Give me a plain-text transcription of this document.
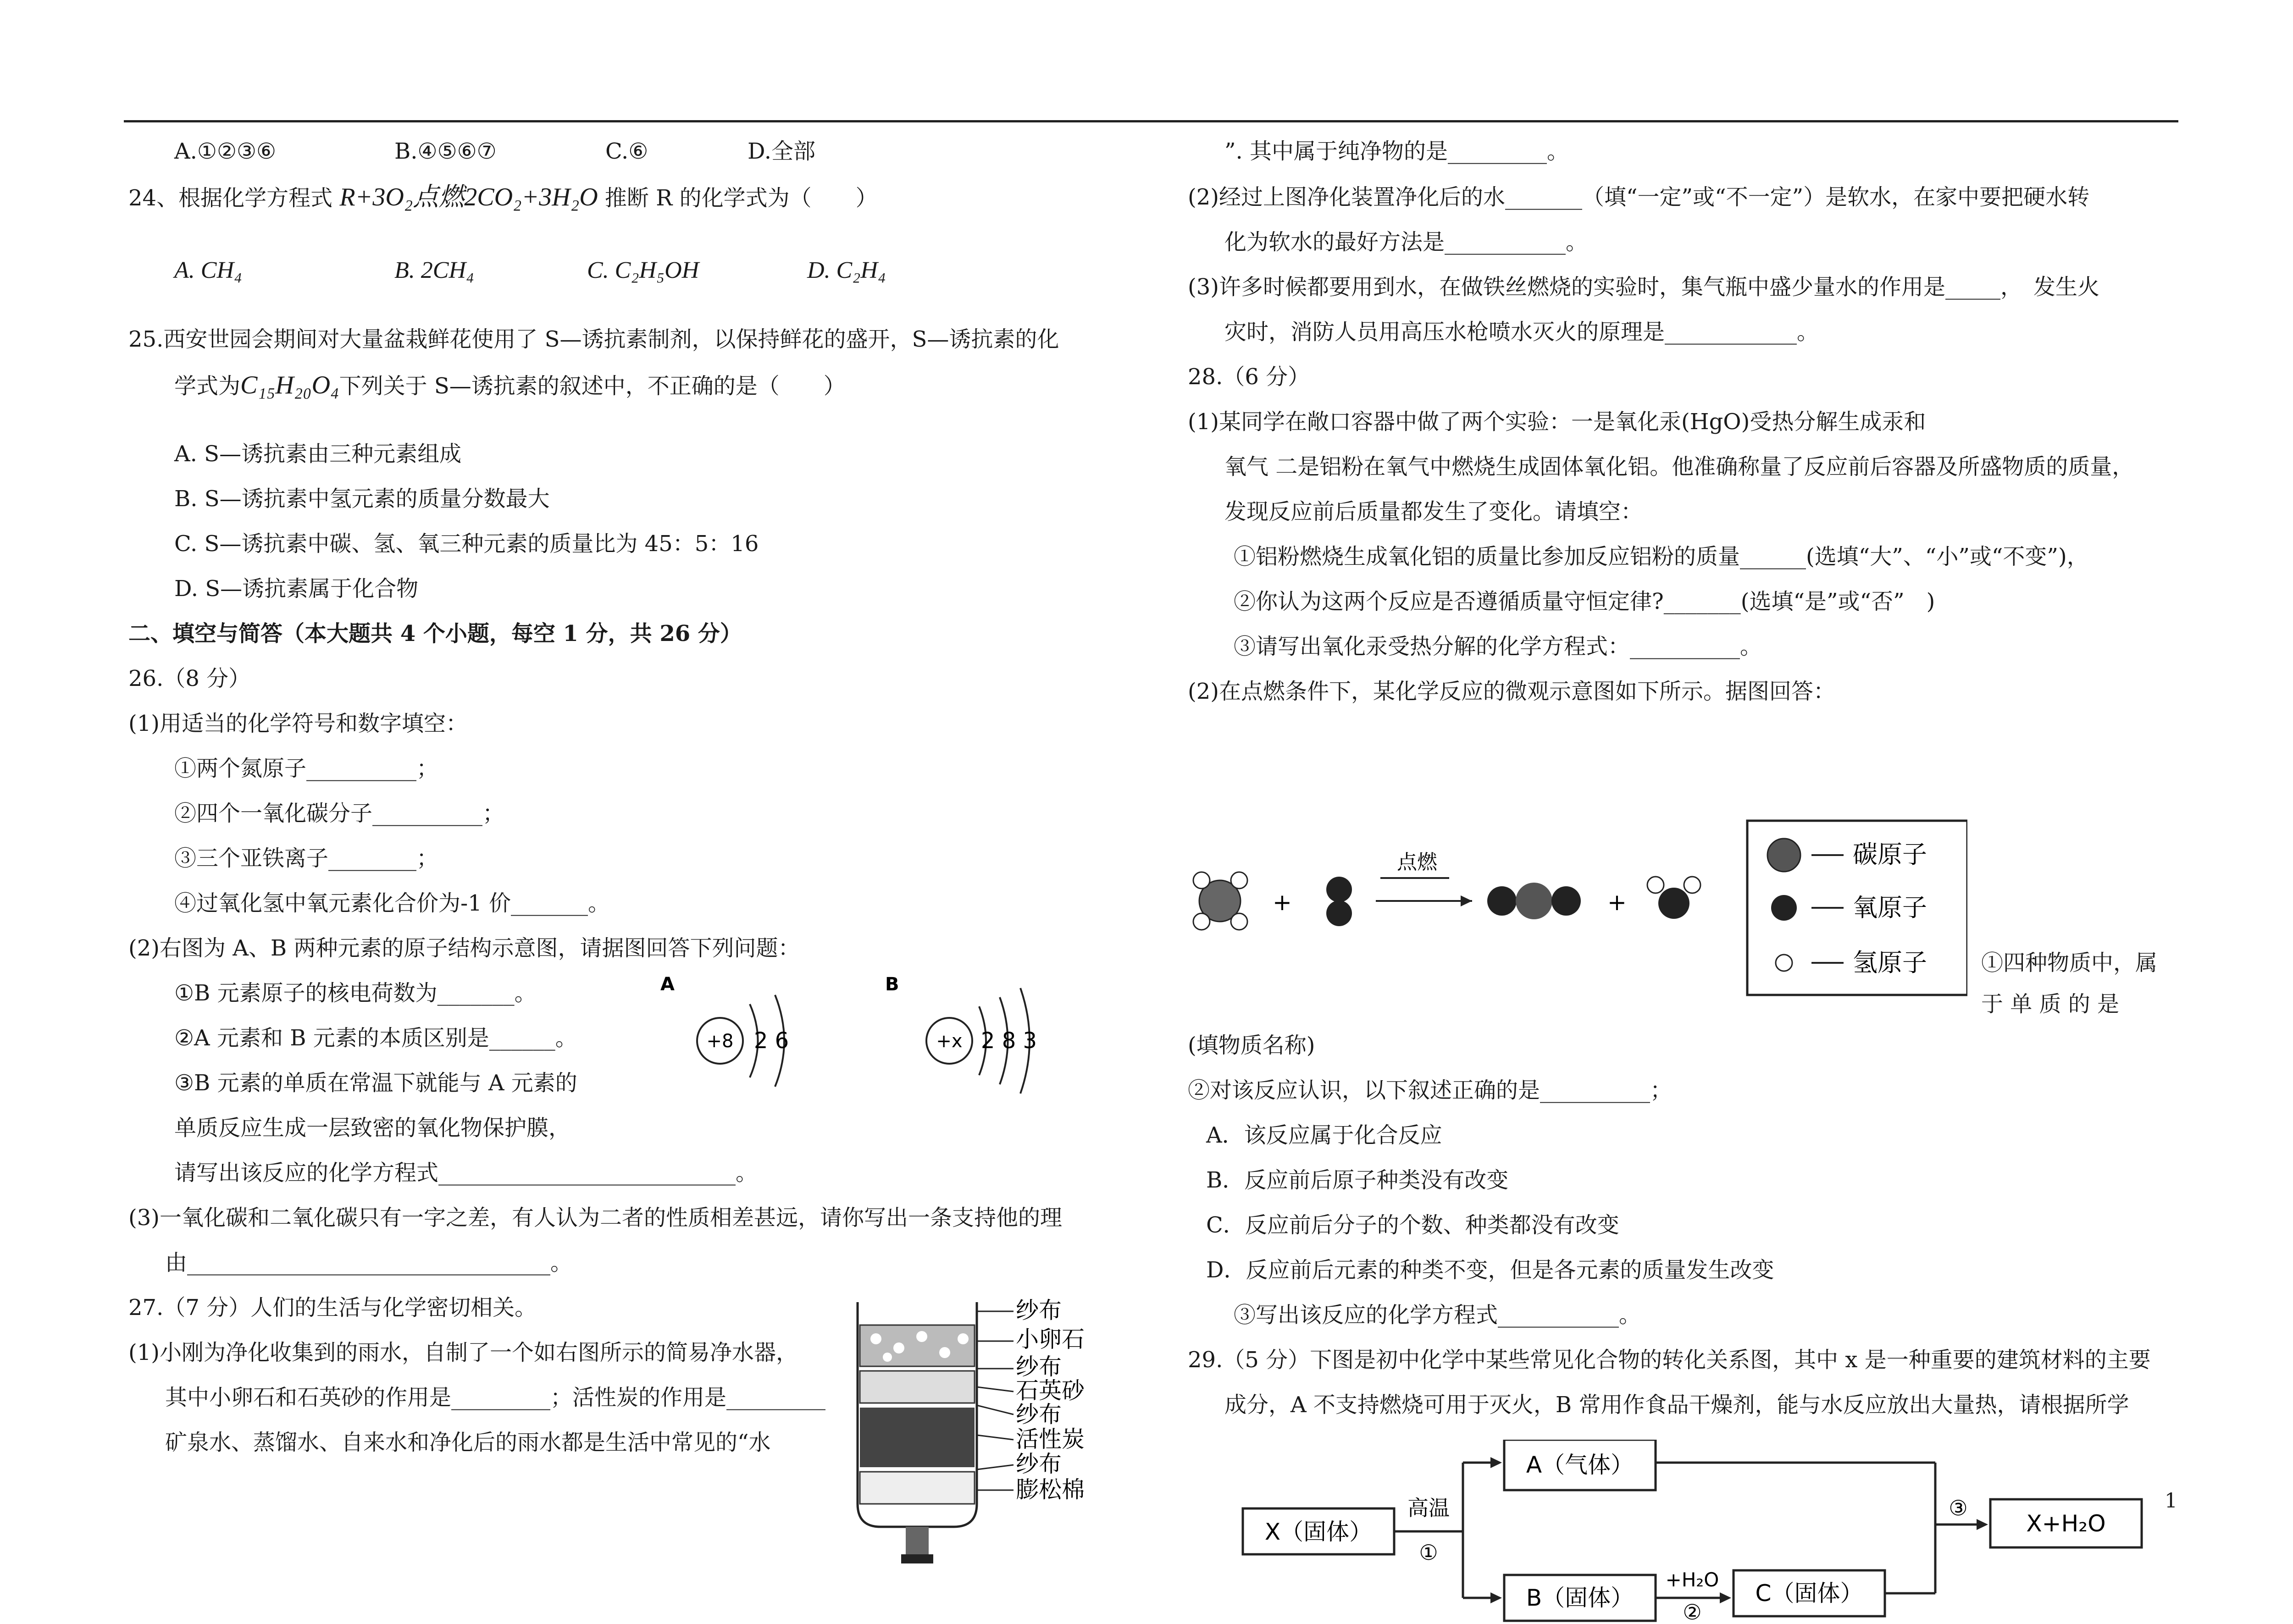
A.①②③⑥	B.④⑤⑥⑦	C.⑥	D.全部
24、根据化学方程式 R+3O₂点燃2CO₂+3H₂O 推断 R 的化学式为（　　）
A. CH₄	B. 2CH₄	C. C₂H₅OH	D. C₂H₄
25.西安世园会期间对大量盆栽鲜花使用了 S—诱抗素制剂，以保持鲜花的盛开，S—诱抗素的化
学式为C₁₅H₂₀O₄下列关于 S—诱抗素的叙述中，不正确的是（　　）
A. S—诱抗素由三种元素组成
B. S—诱抗素中氢元素的质量分数最大
C. S—诱抗素中碳、氢、氧三种元素的质量比为 45：5：16
D. S—诱抗素属于化合物
二、填空与简答（本大题共 4 个小题，每空 1 分，共 26 分）
26.（8 分）
(1)用适当的化学符号和数字填空：
①两个氮原子__________；
②四个一氧化碳分子__________；
③三个亚铁离子________；
④过氧化氢中氧元素化合价为-1 价_______。
(2)右图为 A、B 两种元素的原子结构示意图，请据图回答下列问题：
①B 元素原子的核电荷数为_______。
②A 元素和 B 元素的本质区别是______。
③B 元素的单质在常温下就能与 A 元素的
单质反应生成一层致密的氧化物保护膜，
请写出该反应的化学方程式___________________________。
A
+8 2 6
B
+x 2 8 3
(3)一氧化碳和二氧化碳只有一字之差，有人认为二者的性质相差甚远，请你写出一条支持他的理
由_________________________________。
27.（7 分）人们的生活与化学密切相关。
(1)小刚为净化收集到的雨水，自制了一个如右图所示的简易净水器，
其中小卵石和石英砂的作用是_________；活性炭的作用是_________
矿泉水、蒸馏水、自来水和净化后的雨水都是生活中常见的“水
纱布
小卵石
纱布
石英砂
纱布
活性炭
纱布
膨松棉
”. 其中属于纯净物的是_________。
(2)经过上图净化装置净化后的水_______（填“一定”或“不一定”）是软水，在家中要把硬水转
化为软水的最好方法是___________。
(3)许多时候都要用到水，在做铁丝燃烧的实验时，集气瓶中盛少量水的作用是_____，　发生火
灾时，消防人员用高压水枪喷水灭火的原理是____________。
28.（6 分）
(1)某同学在敞口容器中做了两个实验：一是氧化汞(HgO)受热分解生成汞和
氧气 二是铝粉在氧气中燃烧生成固体氧化铝。他准确称量了反应前后容器及所盛物质的质量，
发现反应前后质量都发生了变化。请填空：
①铝粉燃烧生成氧化铝的质量比参加反应铝粉的质量______(选填“大”、“小”或“不变”)，
②你认为这两个反应是否遵循质量守恒定律?_______(选填“是”或“否”　)
③请写出氧化汞受热分解的化学方程式：__________。
(2)在点燃条件下，某化学反应的微观示意图如下所示。据图回答：
+
点燃
+
碳原子
氧原子
氢原子 ①四种物质中，属
于 单 质 的 是
(填物质名称)
②对该反应认识，以下叙述正确的是__________；
A．该反应属于化合反应
B．反应前后原子种类没有改变
C．反应前后分子的个数、种类都没有改变
D．反应前后元素的种类不变，但是各元素的质量发生改变
③写出该反应的化学方程式___________。
29.（5 分）下图是初中化学中某些常见化合物的转化关系图，其中 x 是一种重要的建筑材料的主要
成分，A 不支持燃烧可用于灭火，B 常用作食品干燥剂，能与水反应放出大量热，请根据所学
X（固体）
高温
①
A（气体）
B（固体）
+H₂O
②
C（固体）
③
X+H₂O
1
